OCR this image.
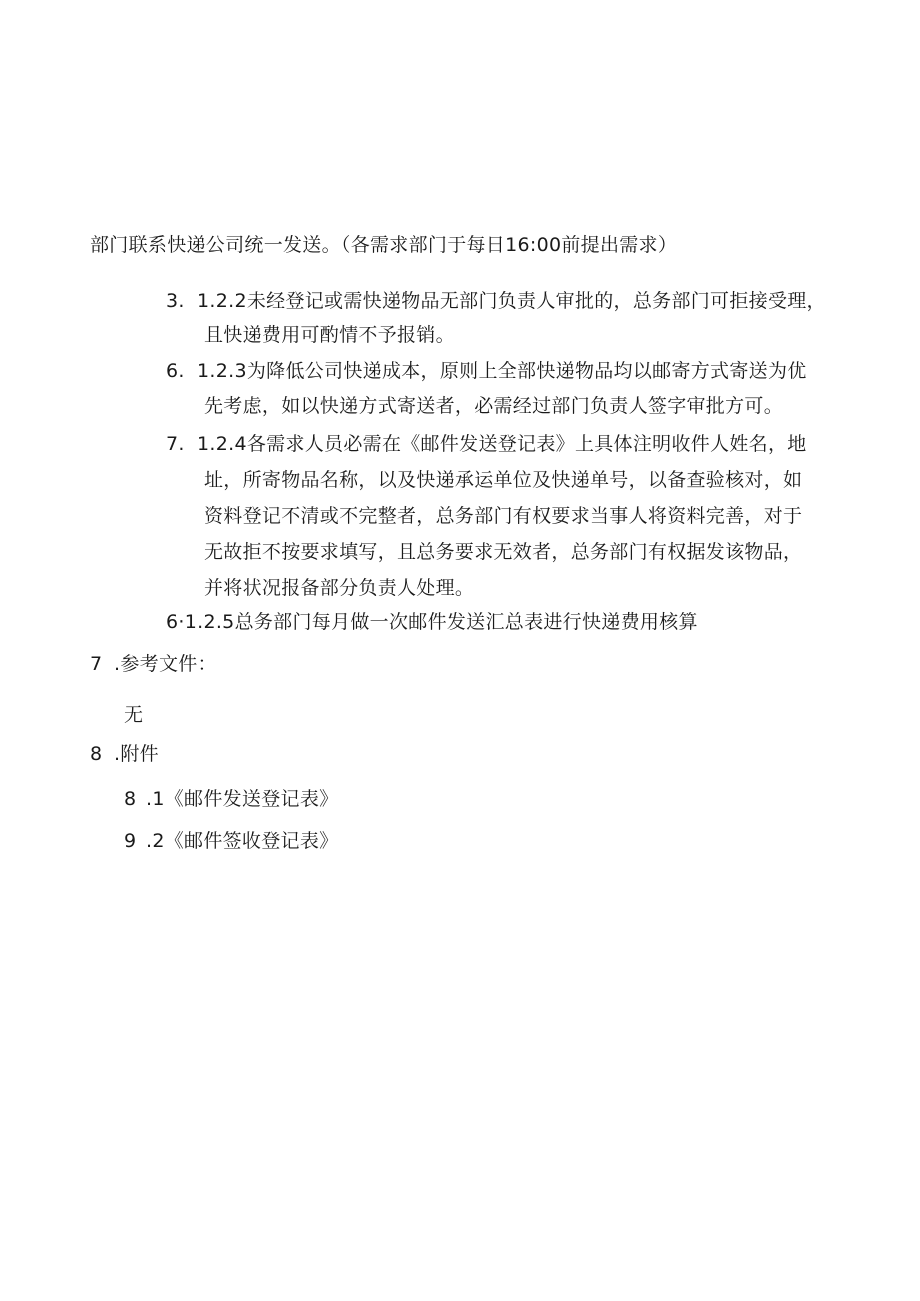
部门联系快递公司统一发送。（各需求部门于每日16:00前提出需求）
3. 1.2.2未经登记或需快递物品无部门负责人审批的，总务部门可拒接受理，
且快递费用可酌情不予报销。
6. 1.2.3为降低公司快递成本，原则上全部快递物品均以邮寄方式寄送为优
先考虑，如以快递方式寄送者，必需经过部门负责人签字审批方可。
7. 1.2.4各需求人员必需在《邮件发送登记表》上具体注明收件人姓名，地
址，所寄物品名称，以及快递承运单位及快递单号，以备查验核对，如
资料登记不清或不完整者，总务部门有权要求当事人将资料完善，对于
无故拒不按要求填写，且总务要求无效者，总务部门有权据发该物品，
并将状况报备部分负责人处理。
6·1.2.5总务部门每月做一次邮件发送汇总表进行快递费用核算
7 .参考文件：
无
8 .附件
8 .1《邮件发送登记表》
9 .2《邮件签收登记表》
